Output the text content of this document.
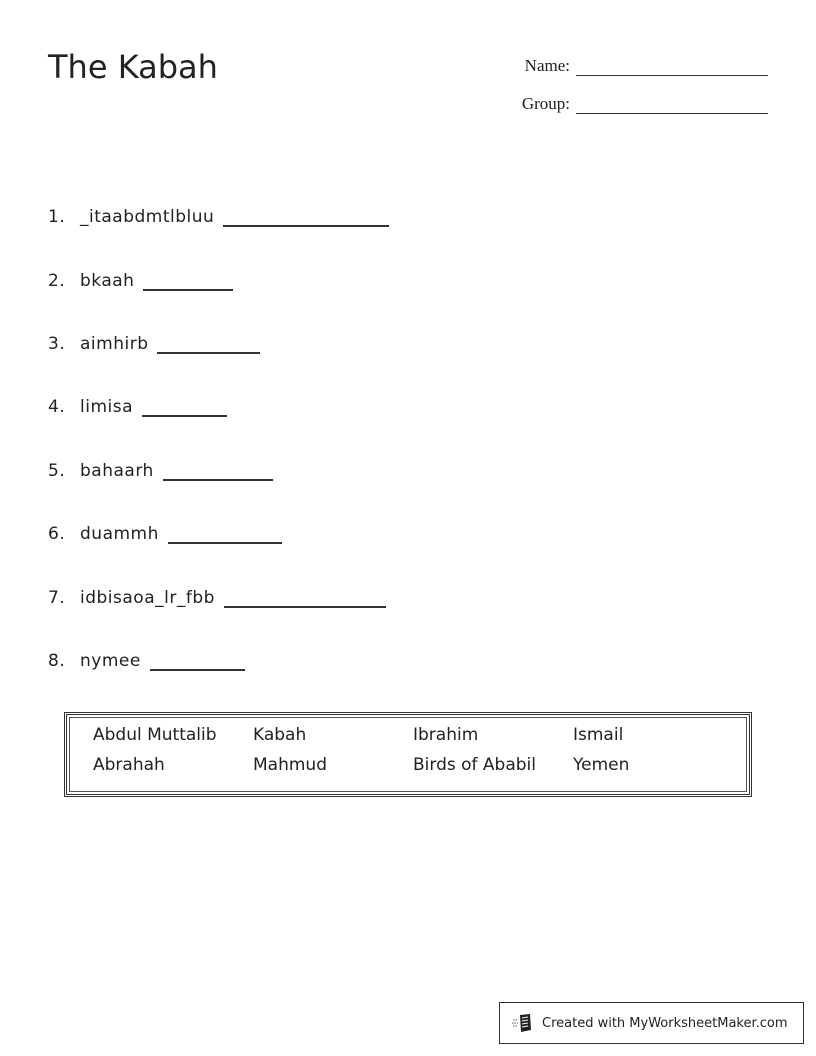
The Kabah	Name:
Group:
1. _itaabdmtlbluu
2. bkaah
3. aimhirb
4. limisa
5. bahaarh
6. duammh
7. idbisaoa_lr_fbb
8. nymee
Abdul Muttalib	Kabah	Ibrahim	Ismail
Abrahah	Mahmud	Birds of Ababil	Yemen
Created with MyWorksheetMaker.com
